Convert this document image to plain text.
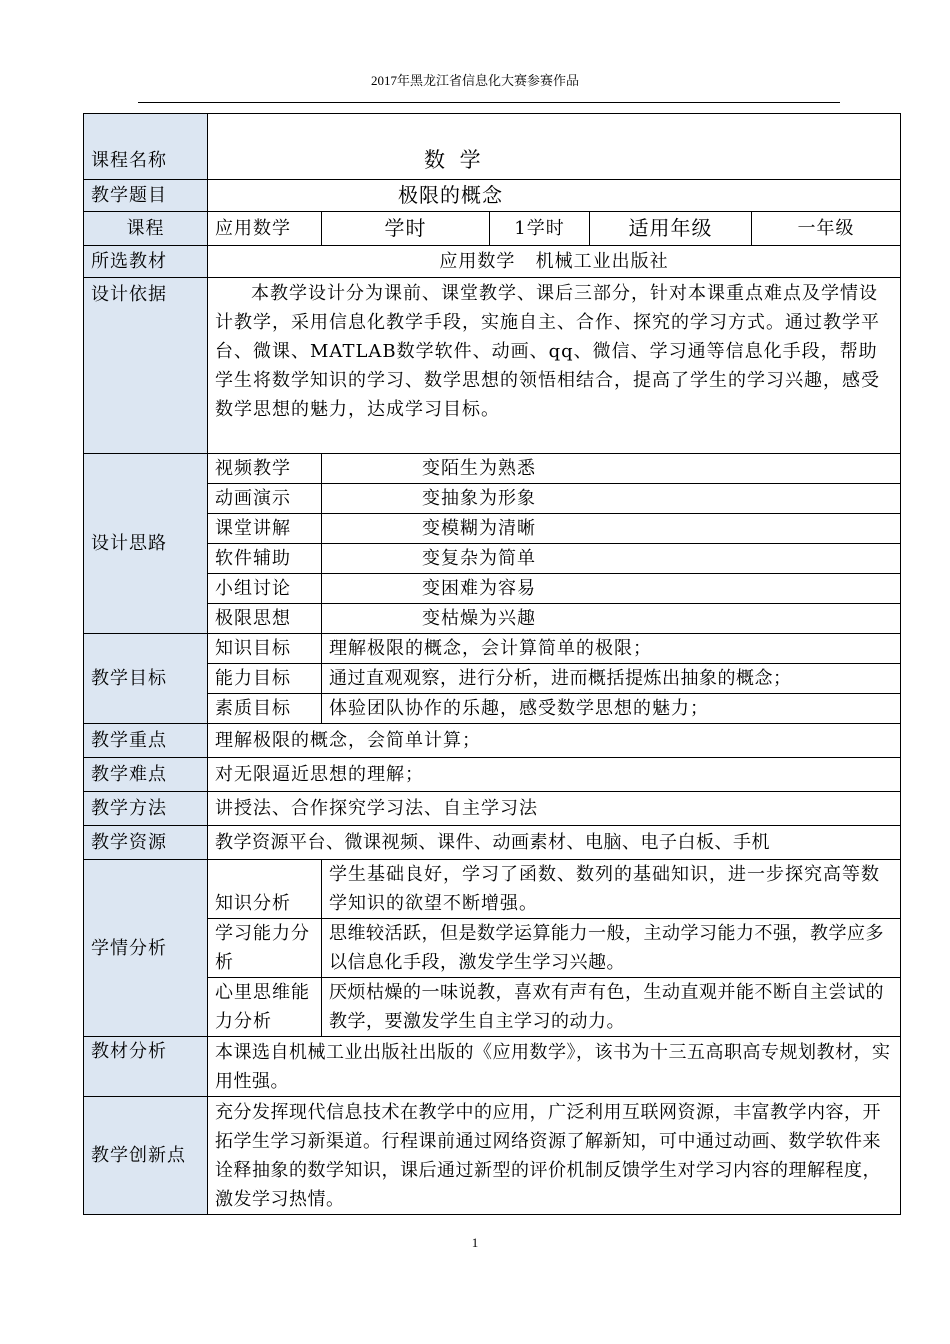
2017年黑龙江省信息化大赛参赛作品
课程名称	数 学				
教学题目	极限的概念				
课程	应用数学	学时	1学时	适用年级	一年级
所选教材	应用数学   机械工业出版社				
设计依据	本教学设计分为课前、课堂教学、课后三部分，针对本课重点难点及学情设计教学，采用信息化教学手段，实施自主、合作、探究的学习方式。通过教学平台、微课、MATLAB数学软件、动画、qq、微信、学习通等信息化手段，帮助学生将数学知识的学习、数学思想的领悟相结合，提高了学生的学习兴趣，感受数学思想的魅力，达成学习目标。				
设计思路	视频教学	变陌生为熟悉			
	动画演示	变抽象为形象			
	课堂讲解	变模糊为清晰			
	软件辅助	变复杂为简单			
	小组讨论	变困难为容易			
	极限思想	变枯燥为兴趣			
教学目标	知识目标	理解极限的概念，会计算简单的极限；			
	能力目标	通过直观观察，进行分析，进而概括提炼出抽象的概念；			
	素质目标	体验团队协作的乐趣，感受数学思想的魅力；			
教学重点	理解极限的概念，会简单计算；				
教学难点	对无限逼近思想的理解；				
教学方法	讲授法、合作探究学习法、自主学习法				
教学资源	教学资源平台、微课视频、课件、动画素材、电脑、电子白板、手机				
学情分析	知识分析	学生基础良好，学习了函数、数列的基础知识，进一步探究高等数学知识的欲望不断增强。			
	学习能力分析	思维较活跃，但是数学运算能力一般，主动学习能力不强，教学应多以信息化手段，激发学生学习兴趣。			
	心里思维能力分析	厌烦枯燥的一味说教，喜欢有声有色，生动直观并能不断自主尝试的教学，要激发学生自主学习的动力。			
教材分析	本课选自机械工业出版社出版的《应用数学》，该书为十三五高职高专规划教材，实用性强。				
教学创新点	充分发挥现代信息技术在教学中的应用，广泛利用互联网资源，丰富教学内容，开拓学生学习新渠道。行程课前通过网络资源了解新知，可中通过动画、数学软件来诠释抽象的数学知识，课后通过新型的评价机制反馈学生对学习内容的理解程度，激发学习热情。				
1
